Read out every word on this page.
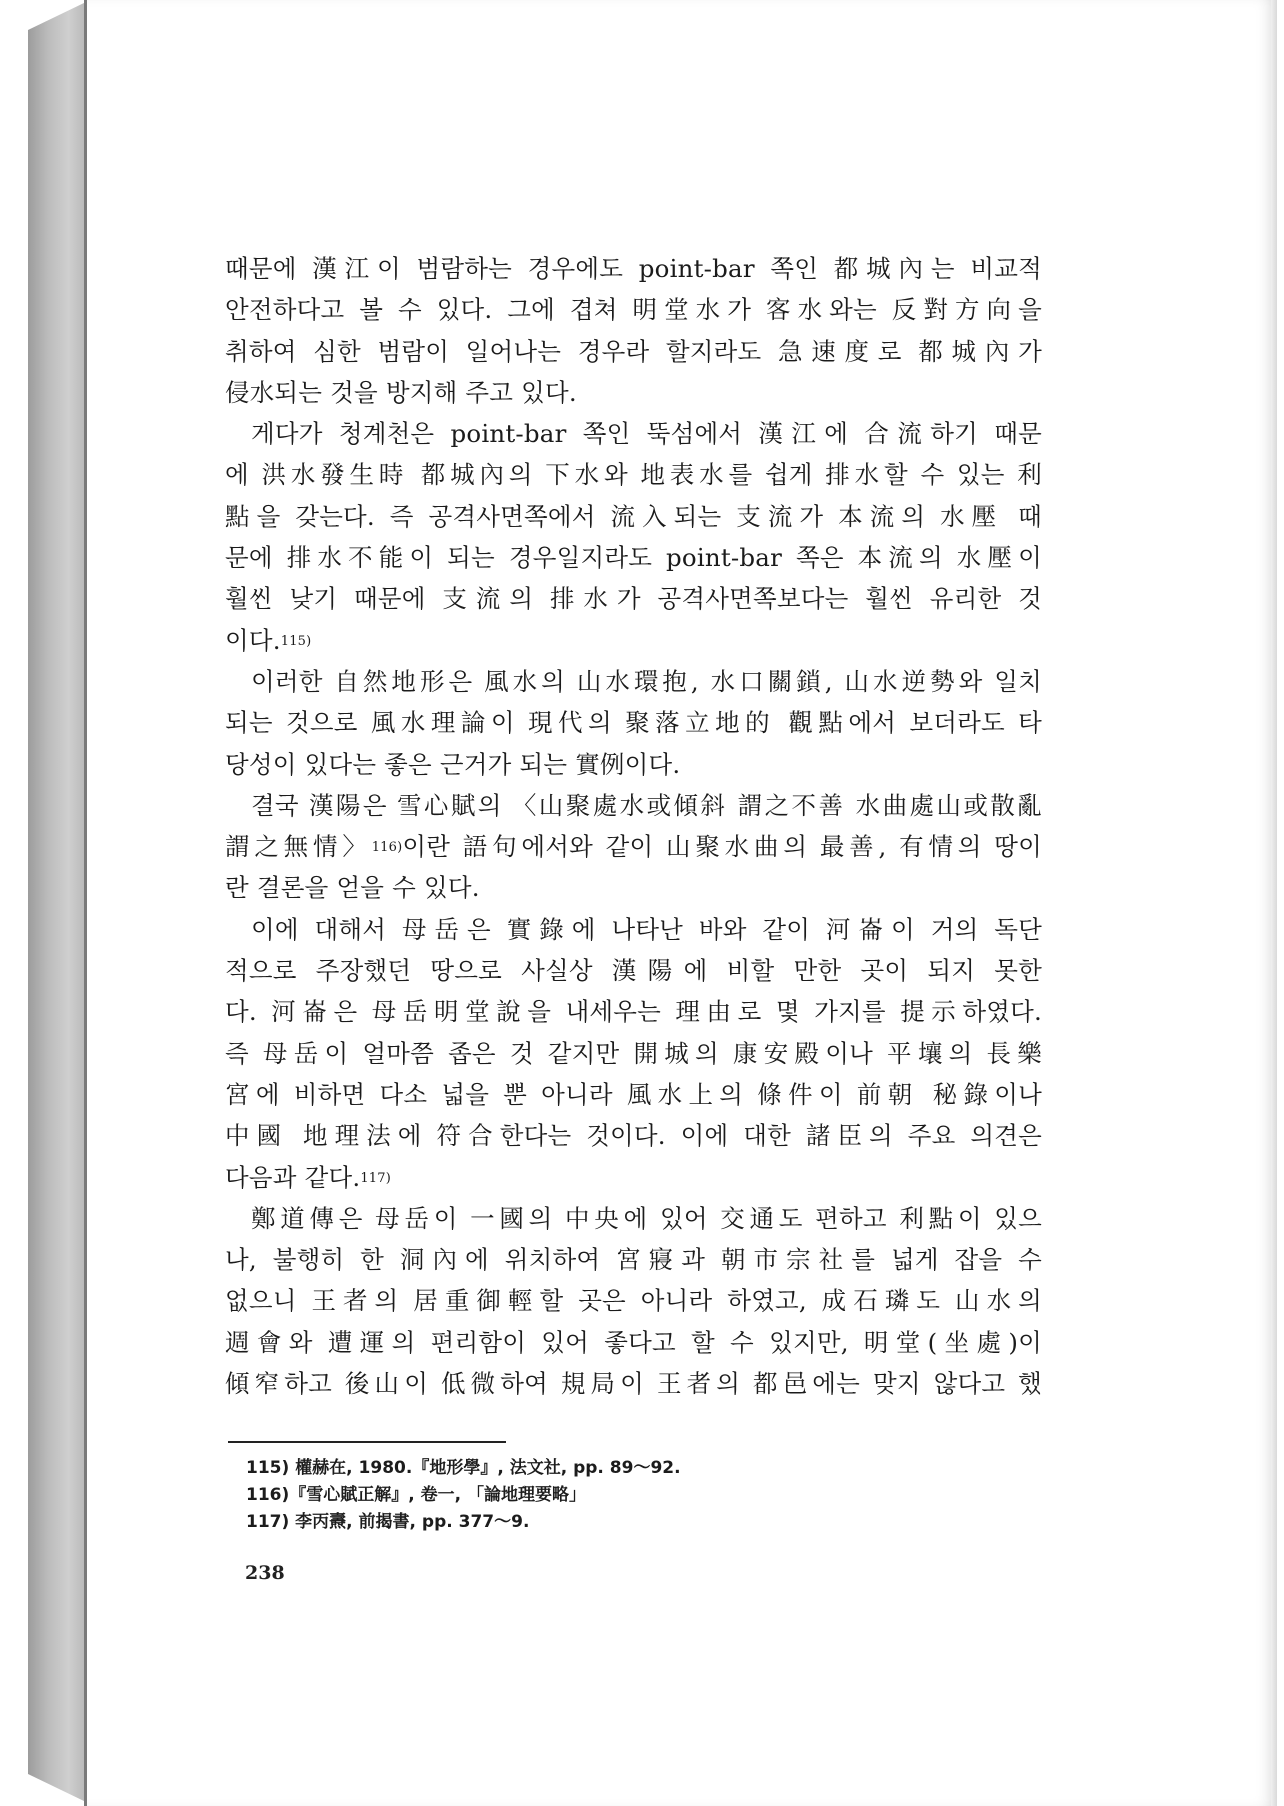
때문에 漢江이 범람하는 경우에도 point-bar 쪽인 都城內는 비교적
안전하다고 볼 수 있다. 그에 겹쳐 明堂水가 客水와는 反對方向을
취하여 심한 범람이 일어나는 경우라 할지라도 急速度로 都城內가
侵水되는 것을 방지해 주고 있다.

게다가 청계천은 point-bar 쪽인 뚝섬에서 漢江에 合流하기 때문
에 洪水發生時 都城內의 下水와 地表水를 쉽게 排水할 수 있는 利
點을 갖는다. 즉 공격사면쪽에서 流入되는 支流가 本流의 水壓 때
문에 排水不能이 되는 경우일지라도 point-bar 쪽은 本流의 水壓이
훨씬 낮기 때문에 支流의 排水가 공격사면쪽보다는 훨씬 유리한 것
이다.$^{115)}$

이러한 自然地形은 風水의 山水環抱, 水口關鎖, 山水逆勢와 일치
되는 것으로 風水理論이 現代의 聚落立地的 觀點에서 보더라도 타
당성이 있다는 좋은 근거가 되는 實例이다.

결국 漢陽은 雪心賦의 〈山聚處水或傾斜 謂之不善 水曲處山或散亂
謂之無情〉$^{116)}$이란 語句에서와 같이 山聚水曲의 最善, 有情의 땅이
란 결론을 얻을 수 있다.

이에 대해서 母岳은 實錄에 나타난 바와 같이 河崙이 거의 독단
적으로 주장했던 땅으로 사실상 漢陽에 비할 만한 곳이 되지 못한
다. 河崙은 母岳明堂說을 내세우는 理由로 몇 가지를 提示하였다.
즉 母岳이 얼마쯤 좁은 것 같지만 開城의 康安殿이나 平壤의 長樂
宮에 비하면 다소 넓을 뿐 아니라 風水上의 條件이 前朝 秘錄이나
中國 地理法에 符合한다는 것이다. 이에 대한 諸臣의 주요 의견은
다음과 같다.$^{117)}$

鄭道傳은 母岳이 一國의 中央에 있어 交通도 편하고 利點이 있으
나, 불행히 한 洞內에 위치하여 宮寢과 朝市宗社를 넓게 잡을 수
없으니 王者의 居重御輕할 곳은 아니라 하였고, 成石璘도 山水의
週會와 遭運의 편리함이 있어 좋다고 할 수 있지만, 明堂(坐處)이
傾窄하고 後山이 低微하여 規局이 王者의 都邑에는 맞지 않다고 했

115) 權赫在, 1980.『地形學』, 法文社, pp. 89〜92.
116)『雪心賦正解』, 卷一, 「論地理要略」
117) 李丙燾, 前揭書, pp. 377〜9.
238
